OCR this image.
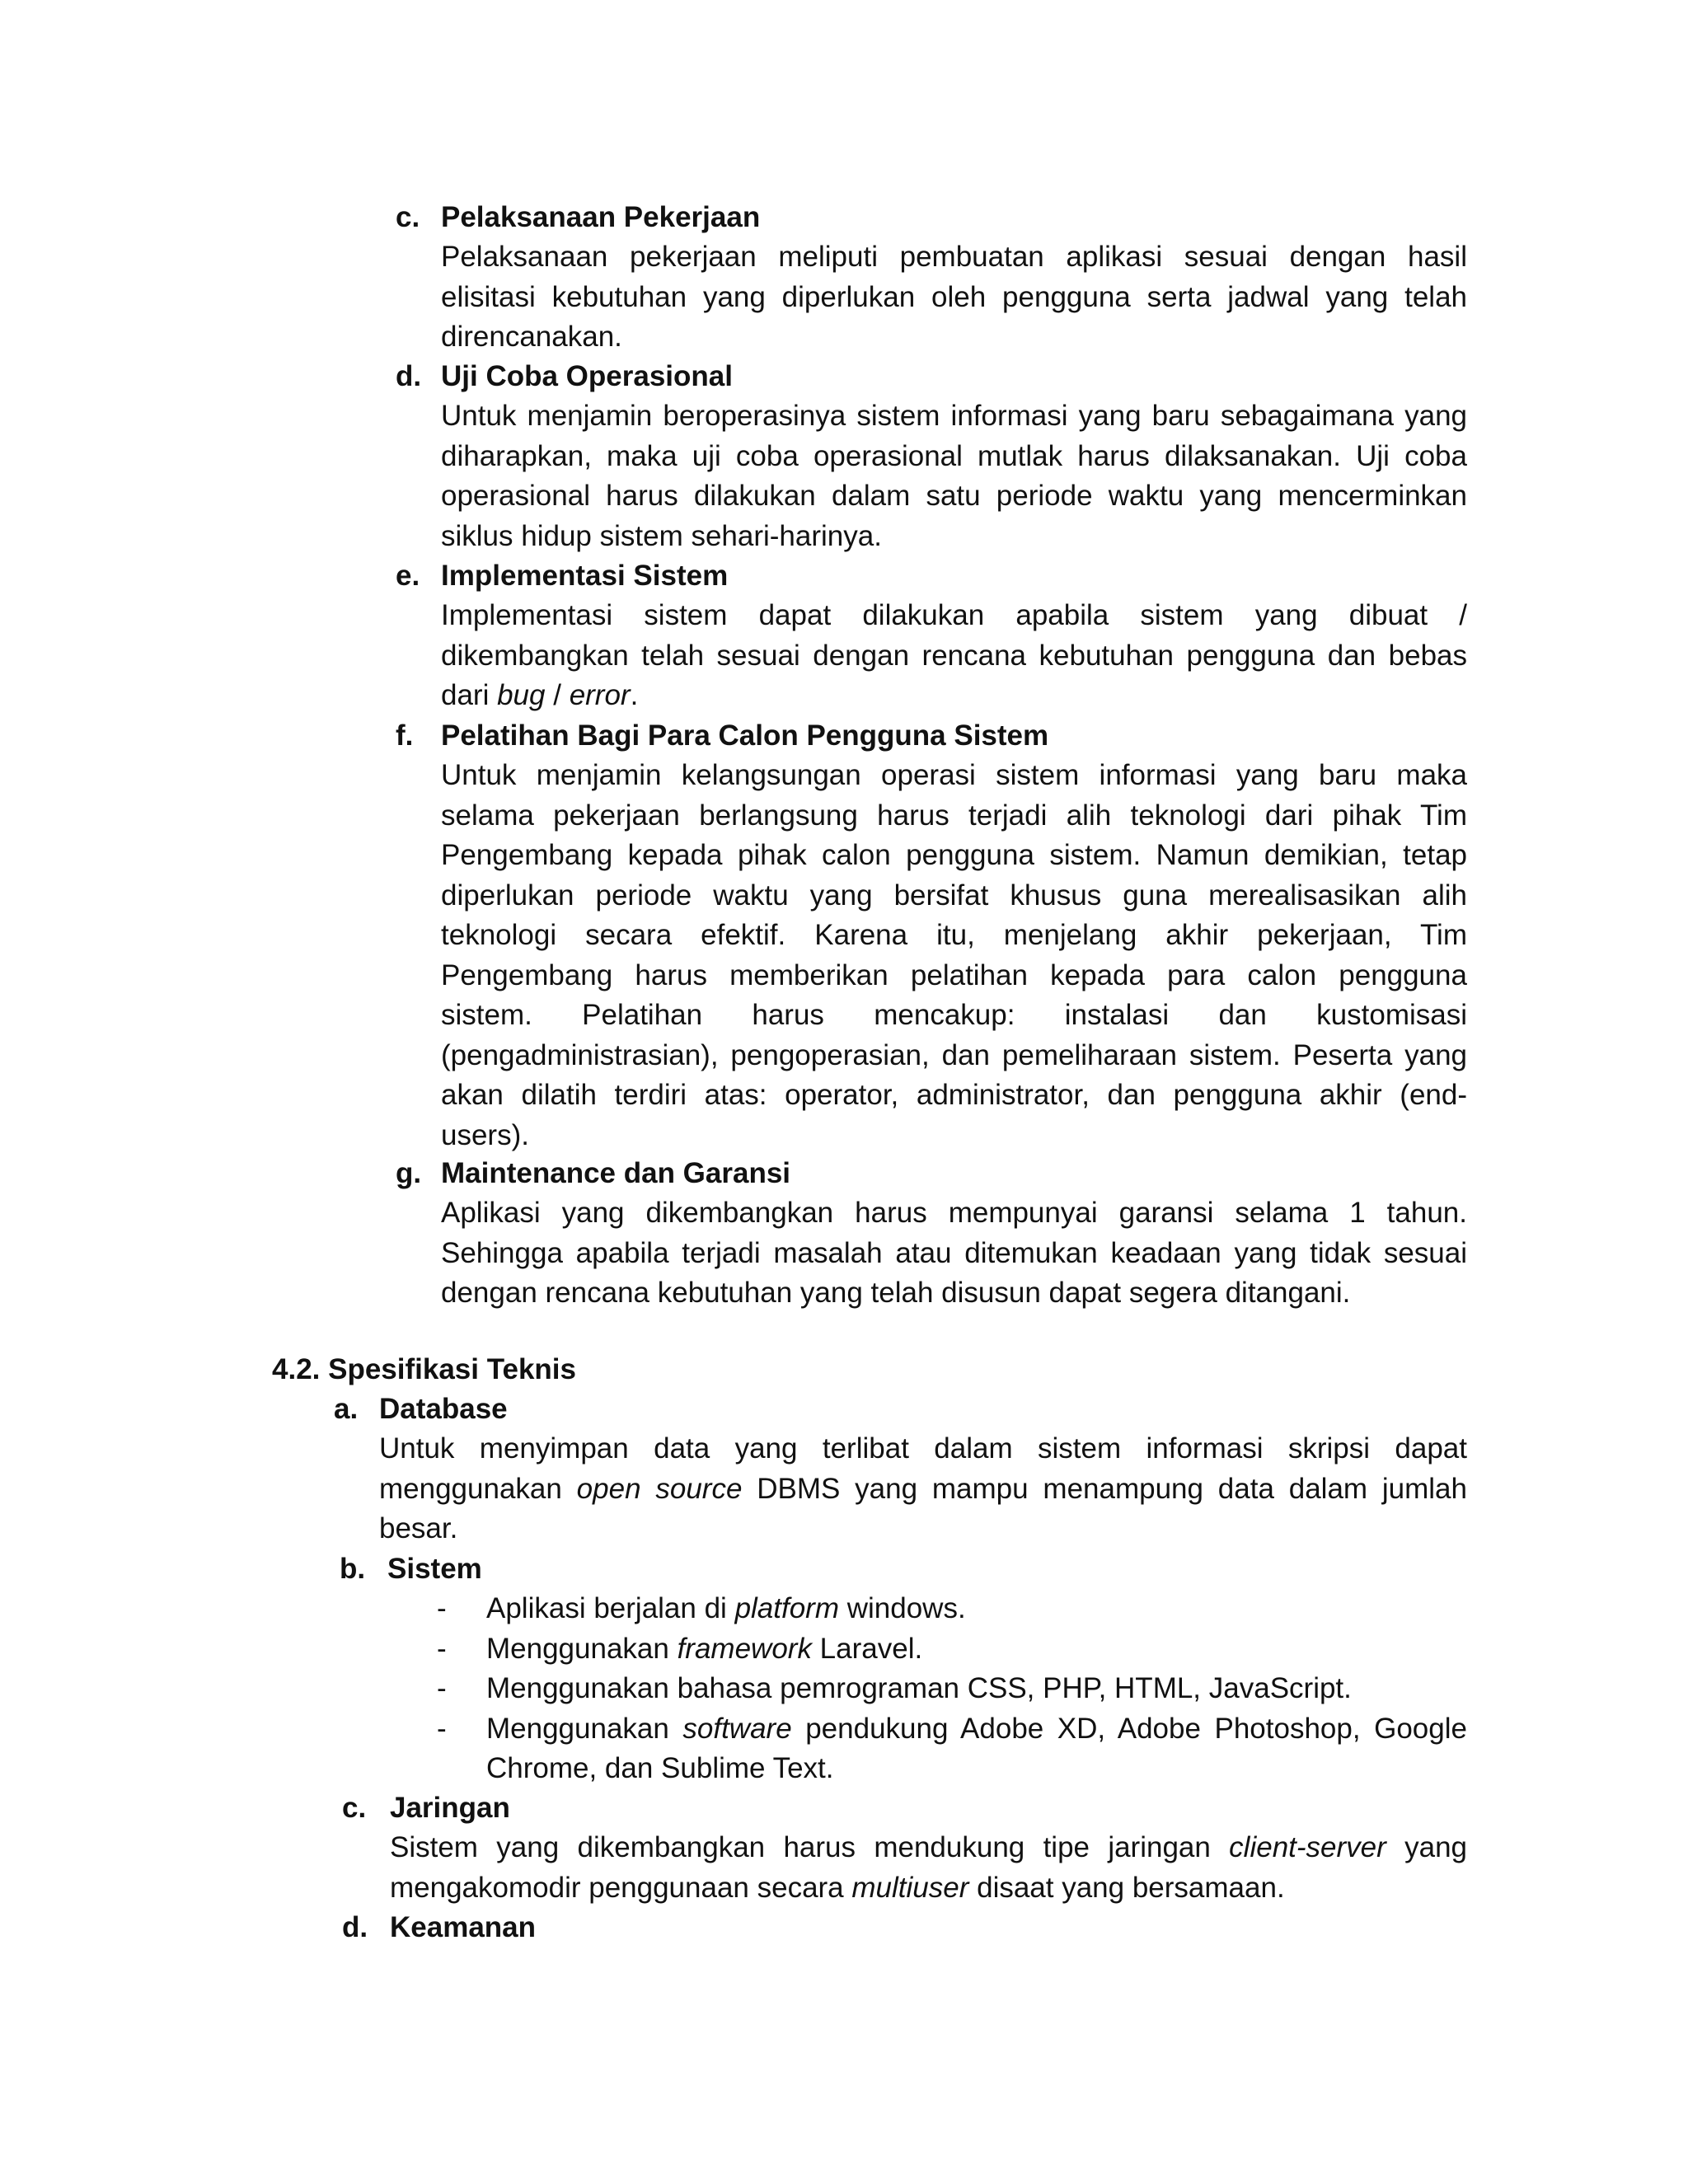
c. Pelaksanaan Pekerjaan
Pelaksanaan pekerjaan meliputi pembuatan aplikasi sesuai dengan hasil
elisitasi kebutuhan yang diperlukan oleh pengguna serta jadwal yang telah
direncanakan.
d. Uji Coba Operasional
Untuk menjamin beroperasinya sistem informasi yang baru sebagaimana yang
diharapkan, maka uji coba operasional mutlak harus dilaksanakan. Uji coba
operasional harus dilakukan dalam satu periode waktu yang mencerminkan
siklus hidup sistem sehari-harinya.
e. Implementasi Sistem
Implementasi sistem dapat dilakukan apabila sistem yang dibuat /
dikembangkan telah sesuai dengan rencana kebutuhan pengguna dan bebas
dari bug / error.
f. Pelatihan Bagi Para Calon Pengguna Sistem
Untuk menjamin kelangsungan operasi sistem informasi yang baru maka
selama pekerjaan berlangsung harus terjadi alih teknologi dari pihak Tim
Pengembang kepada pihak calon pengguna sistem. Namun demikian, tetap
diperlukan periode waktu yang bersifat khusus guna merealisasikan alih
teknologi secara efektif. Karena itu, menjelang akhir pekerjaan, Tim
Pengembang harus memberikan pelatihan kepada para calon pengguna
sistem. Pelatihan harus mencakup: instalasi dan kustomisasi
(pengadministrasian), pengoperasian, dan pemeliharaan sistem. Peserta yang
akan dilatih terdiri atas: operator, administrator, dan pengguna akhir (end-
users).
g. Maintenance dan Garansi
Aplikasi yang dikembangkan harus mempunyai garansi selama 1 tahun.
Sehingga apabila terjadi masalah atau ditemukan keadaan yang tidak sesuai
dengan rencana kebutuhan yang telah disusun dapat segera ditangani.
4.2. Spesifikasi Teknis
a. Database
Untuk menyimpan data yang terlibat dalam sistem informasi skripsi dapat
menggunakan open source DBMS yang mampu menampung data dalam jumlah
besar.
b. Sistem
-	Aplikasi berjalan di platform windows.
-	Menggunakan framework Laravel.
-	Menggunakan bahasa pemrograman CSS, PHP, HTML, JavaScript.
-	Menggunakan software pendukung Adobe XD, Adobe Photoshop, Google
Chrome, dan Sublime Text.
c. Jaringan
Sistem yang dikembangkan harus mendukung tipe jaringan client-server yang
mengakomodir penggunaan secara multiuser disaat yang bersamaan.
d. Keamanan
